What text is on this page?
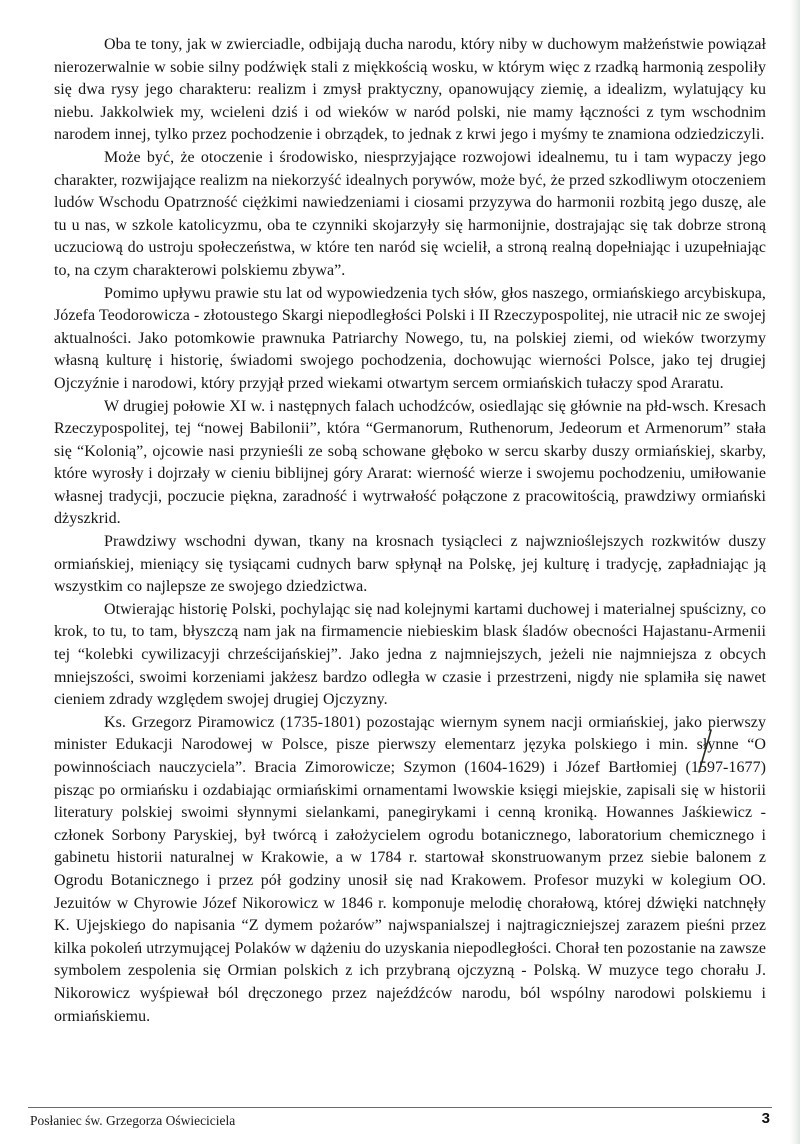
Oba te tony, jak w zwierciadle, odbijają ducha narodu, który niby w duchowym małżeństwie powiązał nierozerwalnie w sobie silny podźwięk stali z miękkością wosku, w którym więc z rzadką harmonią zespoliły się dwa rysy jego charakteru: realizm i zmysł praktyczny, opanowujący ziemię, a idealizm, wylatujący ku niebu. Jakkolwiek my, wcieleni dziś i od wieków w naród polski, nie mamy łączności z tym wschodnim narodem innej, tylko przez pochodzenie i obrządek, to jednak z krwi jego i myśmy te znamiona odziedziczyli.

Może być, że otoczenie i środowisko, niesprzyjające rozwojowi idealnemu, tu i tam wypaczy jego charakter, rozwijające realizm na niekorzyść idealnych porywów, może być, że przed szkodliwym otoczeniem ludów Wschodu Opatrzność ciężkimi nawiedzeniami i ciosami przyzywa do harmonii rozbitą jego duszę, ale tu u nas, w szkole katolicyzmu, oba te czynniki skojarzyły się harmonijnie, dostrajając się tak dobrze stroną uczuciową do ustroju społeczeństwa, w które ten naród się wcielił, a stroną realną dopełniając i uzupełniając to, na czym charakterowi polskiemu zbywa”.

Pomimo upływu prawie stu lat od wypowiedzenia tych słów, głos naszego, ormiańskiego arcybiskupa, Józefa Teodorowicza - złotoustego Skargi niepodległości Polski i II Rzeczypospolitej, nie utracił nic ze swojej aktualności. Jako potomkowie prawnuka Patriarchy Nowego, tu, na polskiej ziemi, od wieków tworzymy własną kulturę i historię, świadomi swojego pochodzenia, dochowując wierności Polsce, jako tej drugiej Ojczyźnie i narodowi, który przyjął przed wiekami otwartym sercem ormiańskich tułaczy spod Araratu.

W drugiej połowie XI w. i następnych falach uchodźców, osiedlając się głównie na płd-wsch. Kresach Rzeczypospolitej, tej “nowej Babilonii”, która “Germanorum, Ruthenorum, Jedeorum et Armenorum” stała się “Kolonią”, ojcowie nasi przynieśli ze sobą schowane głęboko w sercu skarby duszy ormiańskiej, skarby, które wyrosły i dojrzały w cieniu biblijnej góry Ararat: wierność wierze i swojemu pochodzeniu, umiłowanie własnej tradycji, poczucie piękna, zaradność i wytrwałość połączone z pracowitością, prawdziwy ormiański dżyszkrid.

Prawdziwy wschodni dywan, tkany na krosnach tysiącleci z najwznioślejszych rozkwitów duszy ormiańskiej, mieniący się tysiącami cudnych barw spłynął na Polskę, jej kulturę i tradycję, zapładniając ją wszystkim co najlepsze ze swojego dziedzictwa.

Otwierając historię Polski, pochylając się nad kolejnymi kartami duchowej i materialnej spuścizny, co krok, to tu, to tam, błyszczą nam jak na firmamencie niebieskim blask śladów obecności Hajastanu-Armenii tej “kolebki cywilizacyji chrześcijańskiej”. Jako jedna z najmniejszych, jeżeli nie najmniejsza z obcych mniejszości, swoimi korzeniami jakżesz bardzo odległa w czasie i przestrzeni, nigdy nie splamiła się nawet cieniem zdrady względem swojej drugiej Ojczyzny.

Ks. Grzegorz Piramowicz (1735-1801) pozostając wiernym synem nacji ormiańskiej, jako pierwszy minister Edukacji Narodowej w Polsce, pisze pierwszy elementarz języka polskiego i min. słynne “O powinnościach nauczyciela”. Bracia Zimorowicze; Szymon (1604-1629) i Józef Bartłomiej (1597-1677) pisząc po ormiańsku i ozdabiając ormiańskimi ornamentami lwowskie księgi miejskie, zapisali się w historii literatury polskiej swoimi słynnymi sielankami, panegirykami i cenną kroniką. Howannes Jaśkiewicz - członek Sorbony Paryskiej, był twórcą i założycielem ogrodu botanicznego, laboratorium chemicznego i gabinetu historii naturalnej w Krakowie, a w 1784 r. startował skonstruowanym przez siebie balonem z Ogrodu Botanicznego i przez pół godziny unosił się nad Krakowem. Profesor muzyki w kolegium OO. Jezuitów w Chyrowie Józef Nikorowicz w 1846 r. komponuje melodię chorałową, której dźwięki natchnęły K. Ujejskiego do napisania “Z dymem pożarów” najwspanialszej i najtragiczniejszej zarazem pieśni przez kilka pokoleń utrzymującej Polaków w dążeniu do uzyskania niepodległości. Chorał ten pozostanie na zawsze symbolem zespolenia się Ormian polskich z ich przybraną ojczyzną - Polską. W muzyce tego chorału J. Nikorowicz wyśpiewał ból dręczonego przez najeźdźców narodu, ból wspólny narodowi polskiemu i ormiańskiemu.

Posłaniec św. Grzegorza Oświeciciela	3
